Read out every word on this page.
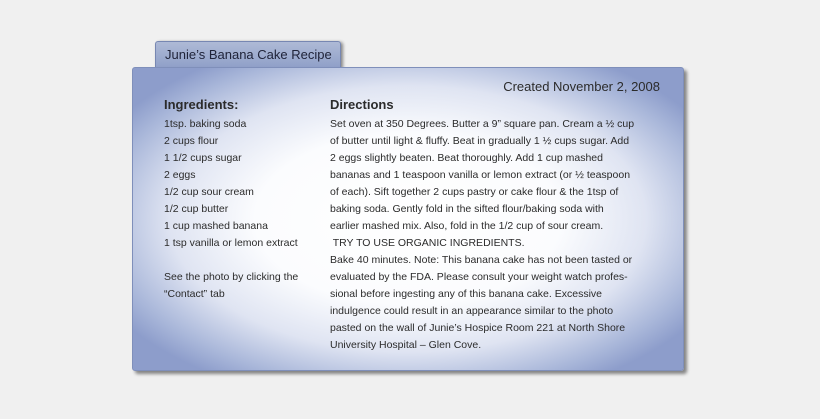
Junie’s Banana Cake Recipe
Created November 2, 2008
Ingredients:
1tsp. baking soda
2 cups flour
1 1/2 cups sugar
2 eggs
1/2 cup sour cream
1/2 cup butter
1 cup mashed banana
1 tsp vanilla or lemon extract
See the photo by clicking the
“Contact” tab
Directions

Set oven at 350 Degrees. Butter a 9” square pan. Cream a ½ cup

of butter until light & fluffy. Beat in gradually 1 ½ cups sugar. Add

2 eggs slightly beaten. Beat thoroughly. Add 1 cup mashed

bananas and 1 teaspoon vanilla or lemon extract (or ½ teaspoon

of each). Sift together 2 cups pastry or cake flour & the 1tsp of

baking soda. Gently fold in the sifted flour/baking soda with

earlier mashed mix. Also, fold in the 1/2 cup of sour cream.

TRY TO USE ORGANIC INGREDIENTS.

Bake 40 minutes. Note: This banana cake has not been tasted or

evaluated by the FDA. Please consult your weight watch profes-

sional before ingesting any of this banana cake. Excessive

indulgence could result in an appearance similar to the photo

pasted on the wall of Junie’s Hospice Room 221 at North Shore

University Hospital – Glen Cove.
